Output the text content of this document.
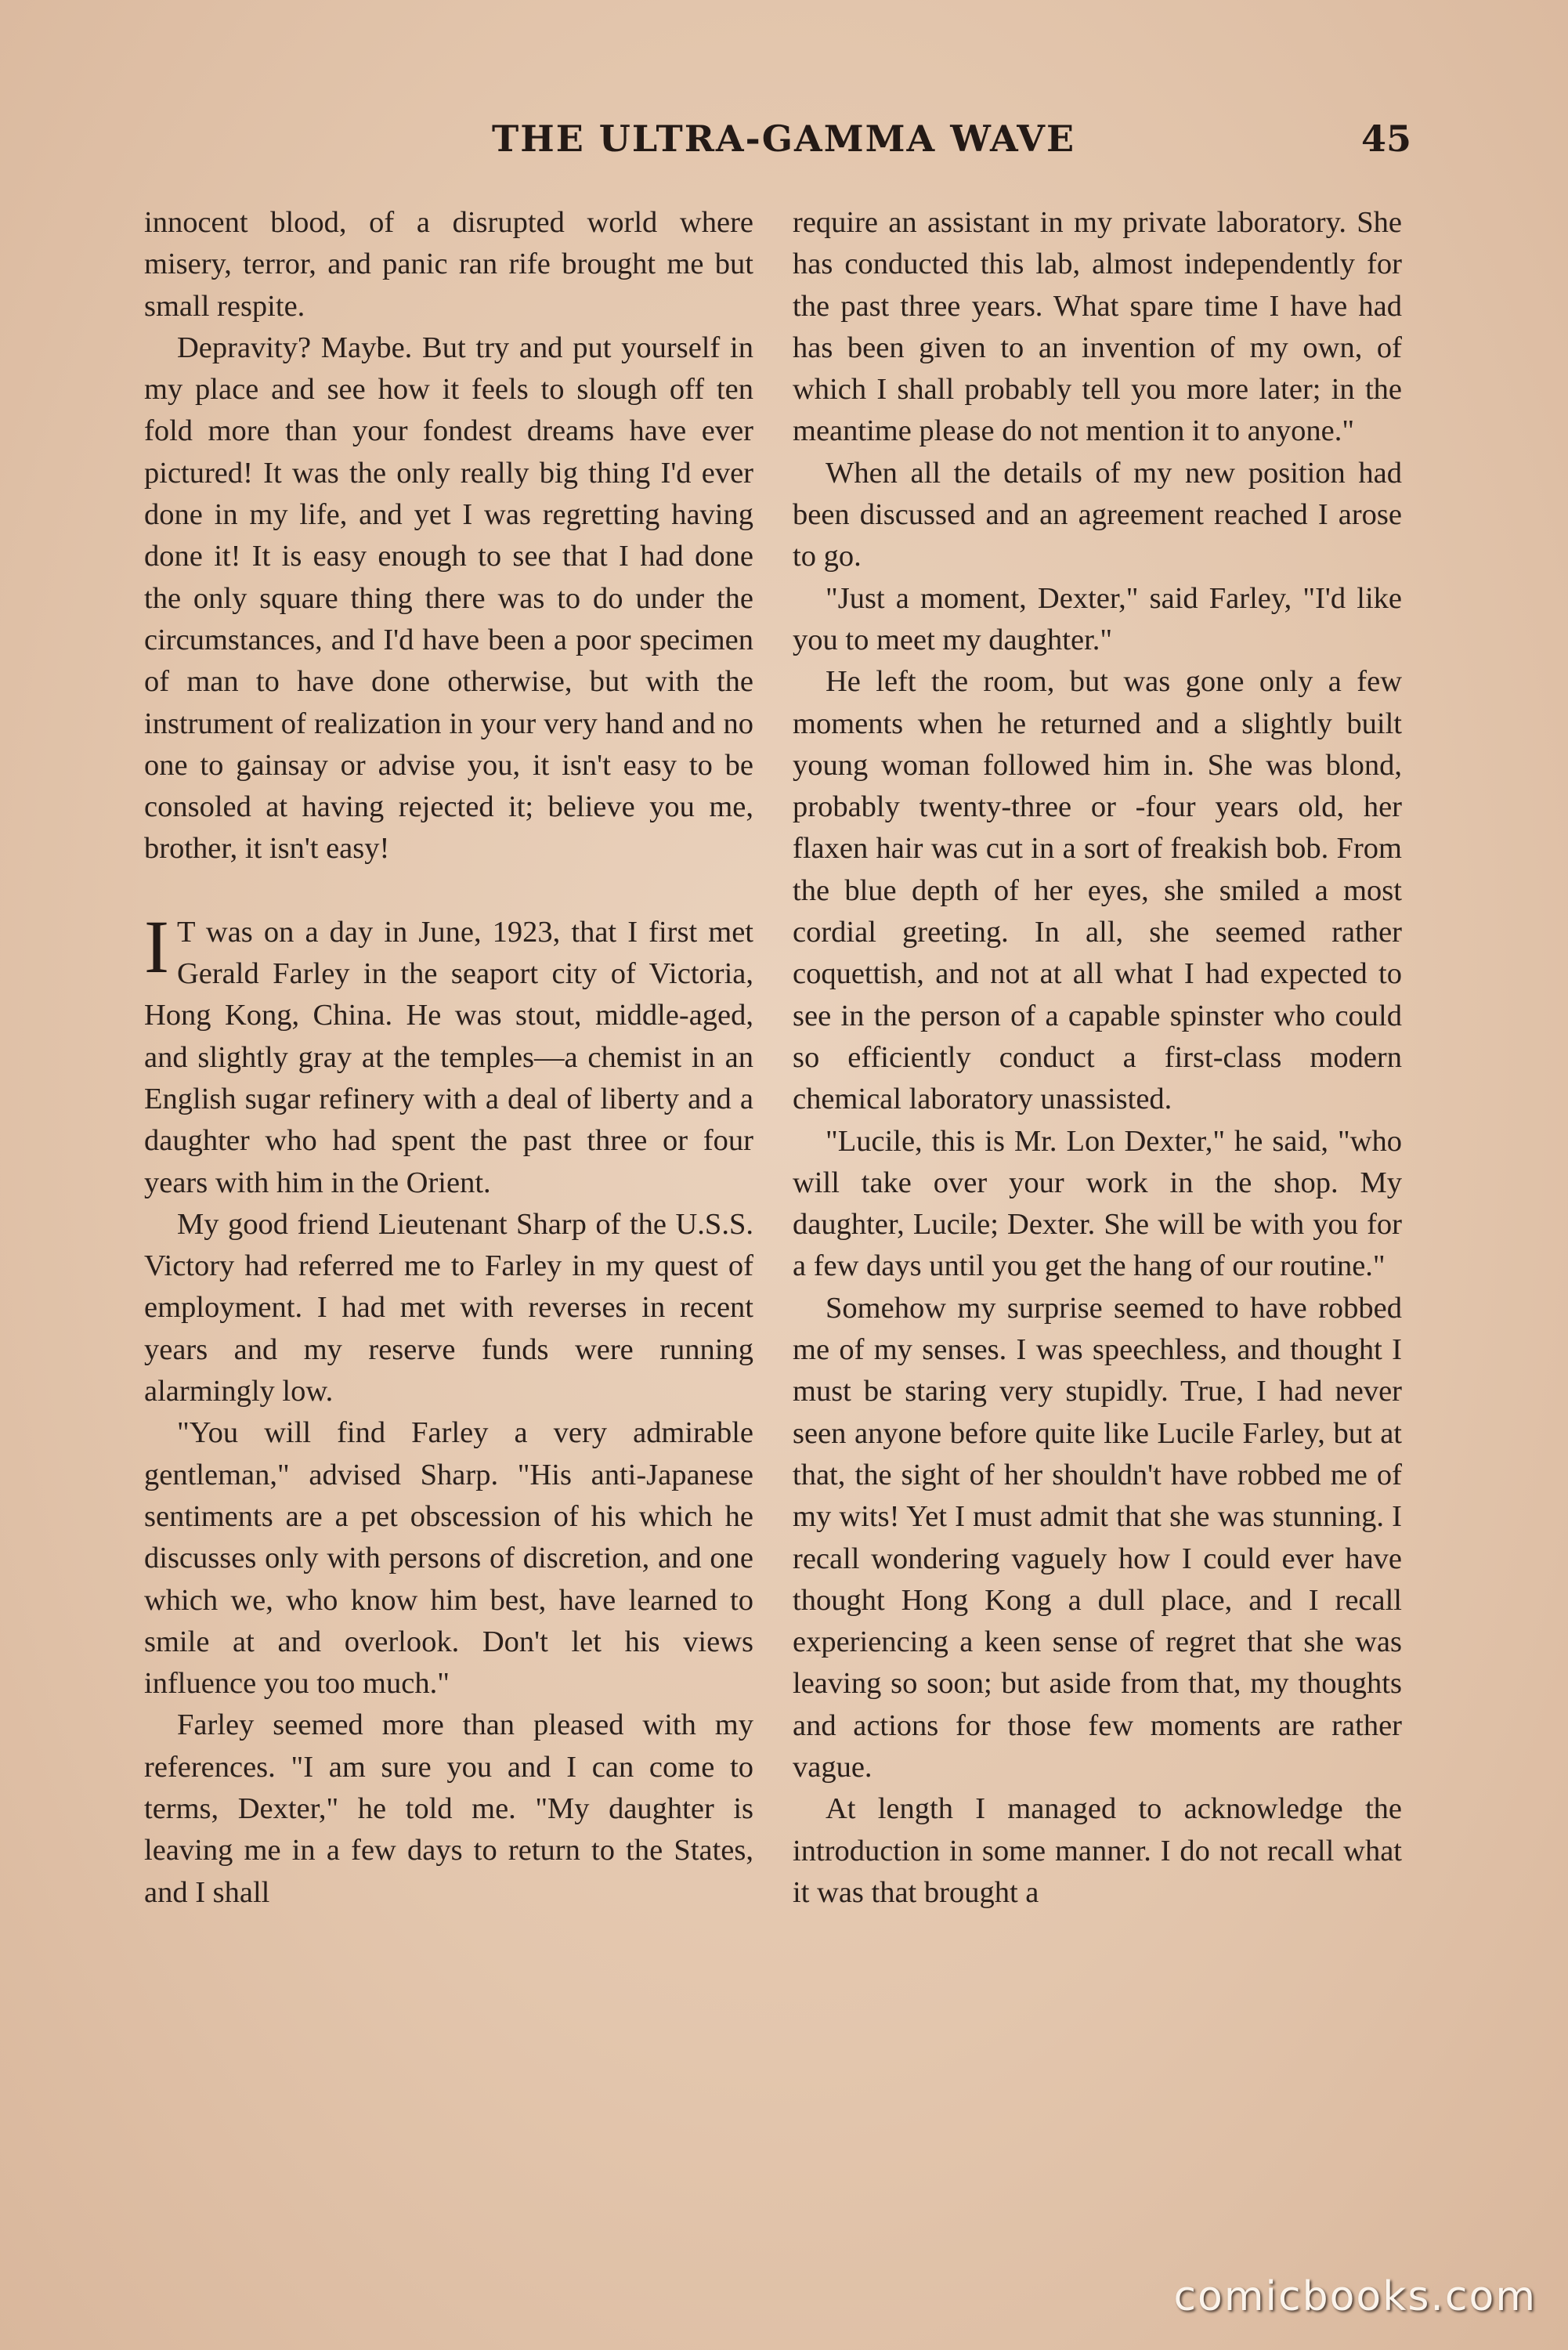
THE ULTRA-GAMMA WAVE	45

innocent blood, of a disrupted world where misery, terror, and panic ran rife brought me but small respite.

Depravity? Maybe. But try and put yourself in my place and see how it feels to slough off ten fold more than your fondest dreams have ever pictured! It was the only really big thing I'd ever done in my life, and yet I was regretting having done it! It is easy enough to see that I had done the only square thing there was to do under the circumstances, and I'd have been a poor specimen of man to have done otherwise, but with the instrument of realization in your very hand and no one to gainsay or advise you, it isn't easy to be consoled at having rejected it; believe you me, brother, it isn't easy!

I T was on a day in June, 1923, that I first met Gerald Farley in the seaport city of Victoria, Hong Kong, China. He was stout, middle-aged, and slightly gray at the temples—a chemist in an English sugar refinery with a deal of liberty and a daughter who had spent the past three or four years with him in the Orient.

My good friend Lieutenant Sharp of the U.S.S. Victory had referred me to Farley in my quest of employment. I had met with reverses in recent years and my reserve funds were running alarmingly low.

"You will find Farley a very admirable gentleman," advised Sharp. "His anti-Japanese sentiments are a pet obscession of his which he discusses only with persons of discretion, and one which we, who know him best, have learned to smile at and overlook. Don't let his views influence you too much."

Farley seemed more than pleased with my references. "I am sure you and I can come to terms, Dexter," he told me. "My daughter is leaving me in a few days to return to the States, and I shall

require an assistant in my private laboratory. She has conducted this lab, almost independently for the past three years. What spare time I have had has been given to an invention of my own, of which I shall probably tell you more later; in the meantime please do not mention it to anyone."

When all the details of my new position had been discussed and an agreement reached I arose to go.

"Just a moment, Dexter," said Farley, "I'd like you to meet my daughter."

He left the room, but was gone only a few moments when he returned and a slightly built young woman followed him in. She was blond, probably twenty-three or -four years old, her flaxen hair was cut in a sort of freakish bob. From the blue depth of her eyes, she smiled a most cordial greeting. In all, she seemed rather coquettish, and not at all what I had expected to see in the person of a capable spinster who could so efficiently conduct a first-class modern chemical laboratory unassisted.

"Lucile, this is Mr. Lon Dexter," he said, "who will take over your work in the shop. My daughter, Lucile; Dexter. She will be with you for a few days until you get the hang of our routine."

Somehow my surprise seemed to have robbed me of my senses. I was speechless, and thought I must be staring very stupidly. True, I had never seen anyone before quite like Lucile Farley, but at that, the sight of her shouldn't have robbed me of my wits! Yet I must admit that she was stunning. I recall wondering vaguely how I could ever have thought Hong Kong a dull place, and I recall experiencing a keen sense of regret that she was leaving so soon; but aside from that, my thoughts and actions for those few moments are rather vague.

At length I managed to acknowledge the introduction in some manner. I do not recall what it was that brought a

comicbooks.com
